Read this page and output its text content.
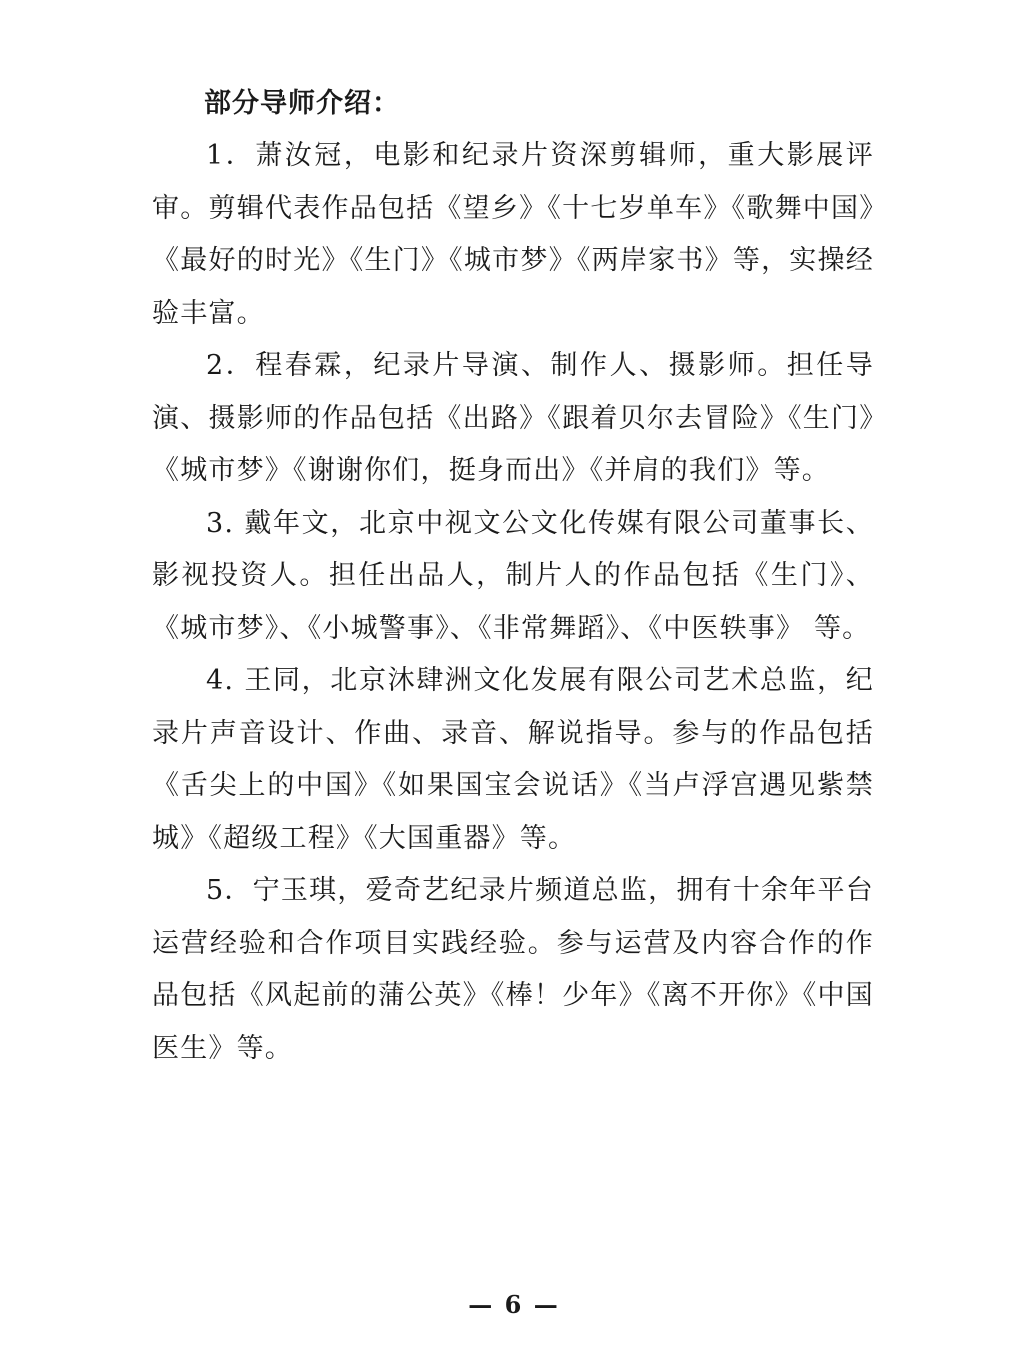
部分导师介绍：

1．萧汝冠，电影和纪录片资深剪辑师，重大影展评审。剪辑代表作品包括《望乡》《十七岁单车》《歌舞中国》《最好的时光》《生门》《城市梦》《两岸家书》等，实操经验丰富。

2．程春霖，纪录片导演、制作人、摄影师。担任导演、摄影师的作品包括《出路》《跟着贝尔去冒险》《生门》《城市梦》《谢谢你们，挺身而出》《并肩的我们》等。

3. 戴年文，北京中视文公文化传媒有限公司董事长、影视投资人。担任出品人，制片人的作品包括《生门》、《城市梦》、《小城警事》、《非常舞蹈》、《中医轶事》 等。

4. 王同，北京沐肆洲文化发展有限公司艺术总监，纪录片声音设计、作曲、录音、解说指导。参与的作品包括《舌尖上的中国》《如果国宝会说话》《当卢浮宫遇见紫禁城》《超级工程》《大国重器》等。

5．宁玉琪，爱奇艺纪录片频道总监，拥有十余年平台运营经验和合作项目实践经验。参与运营及内容合作的作品包括《风起前的蒲公英》《棒！少年》《离不开你》《中国医生》等。

— 6 —
